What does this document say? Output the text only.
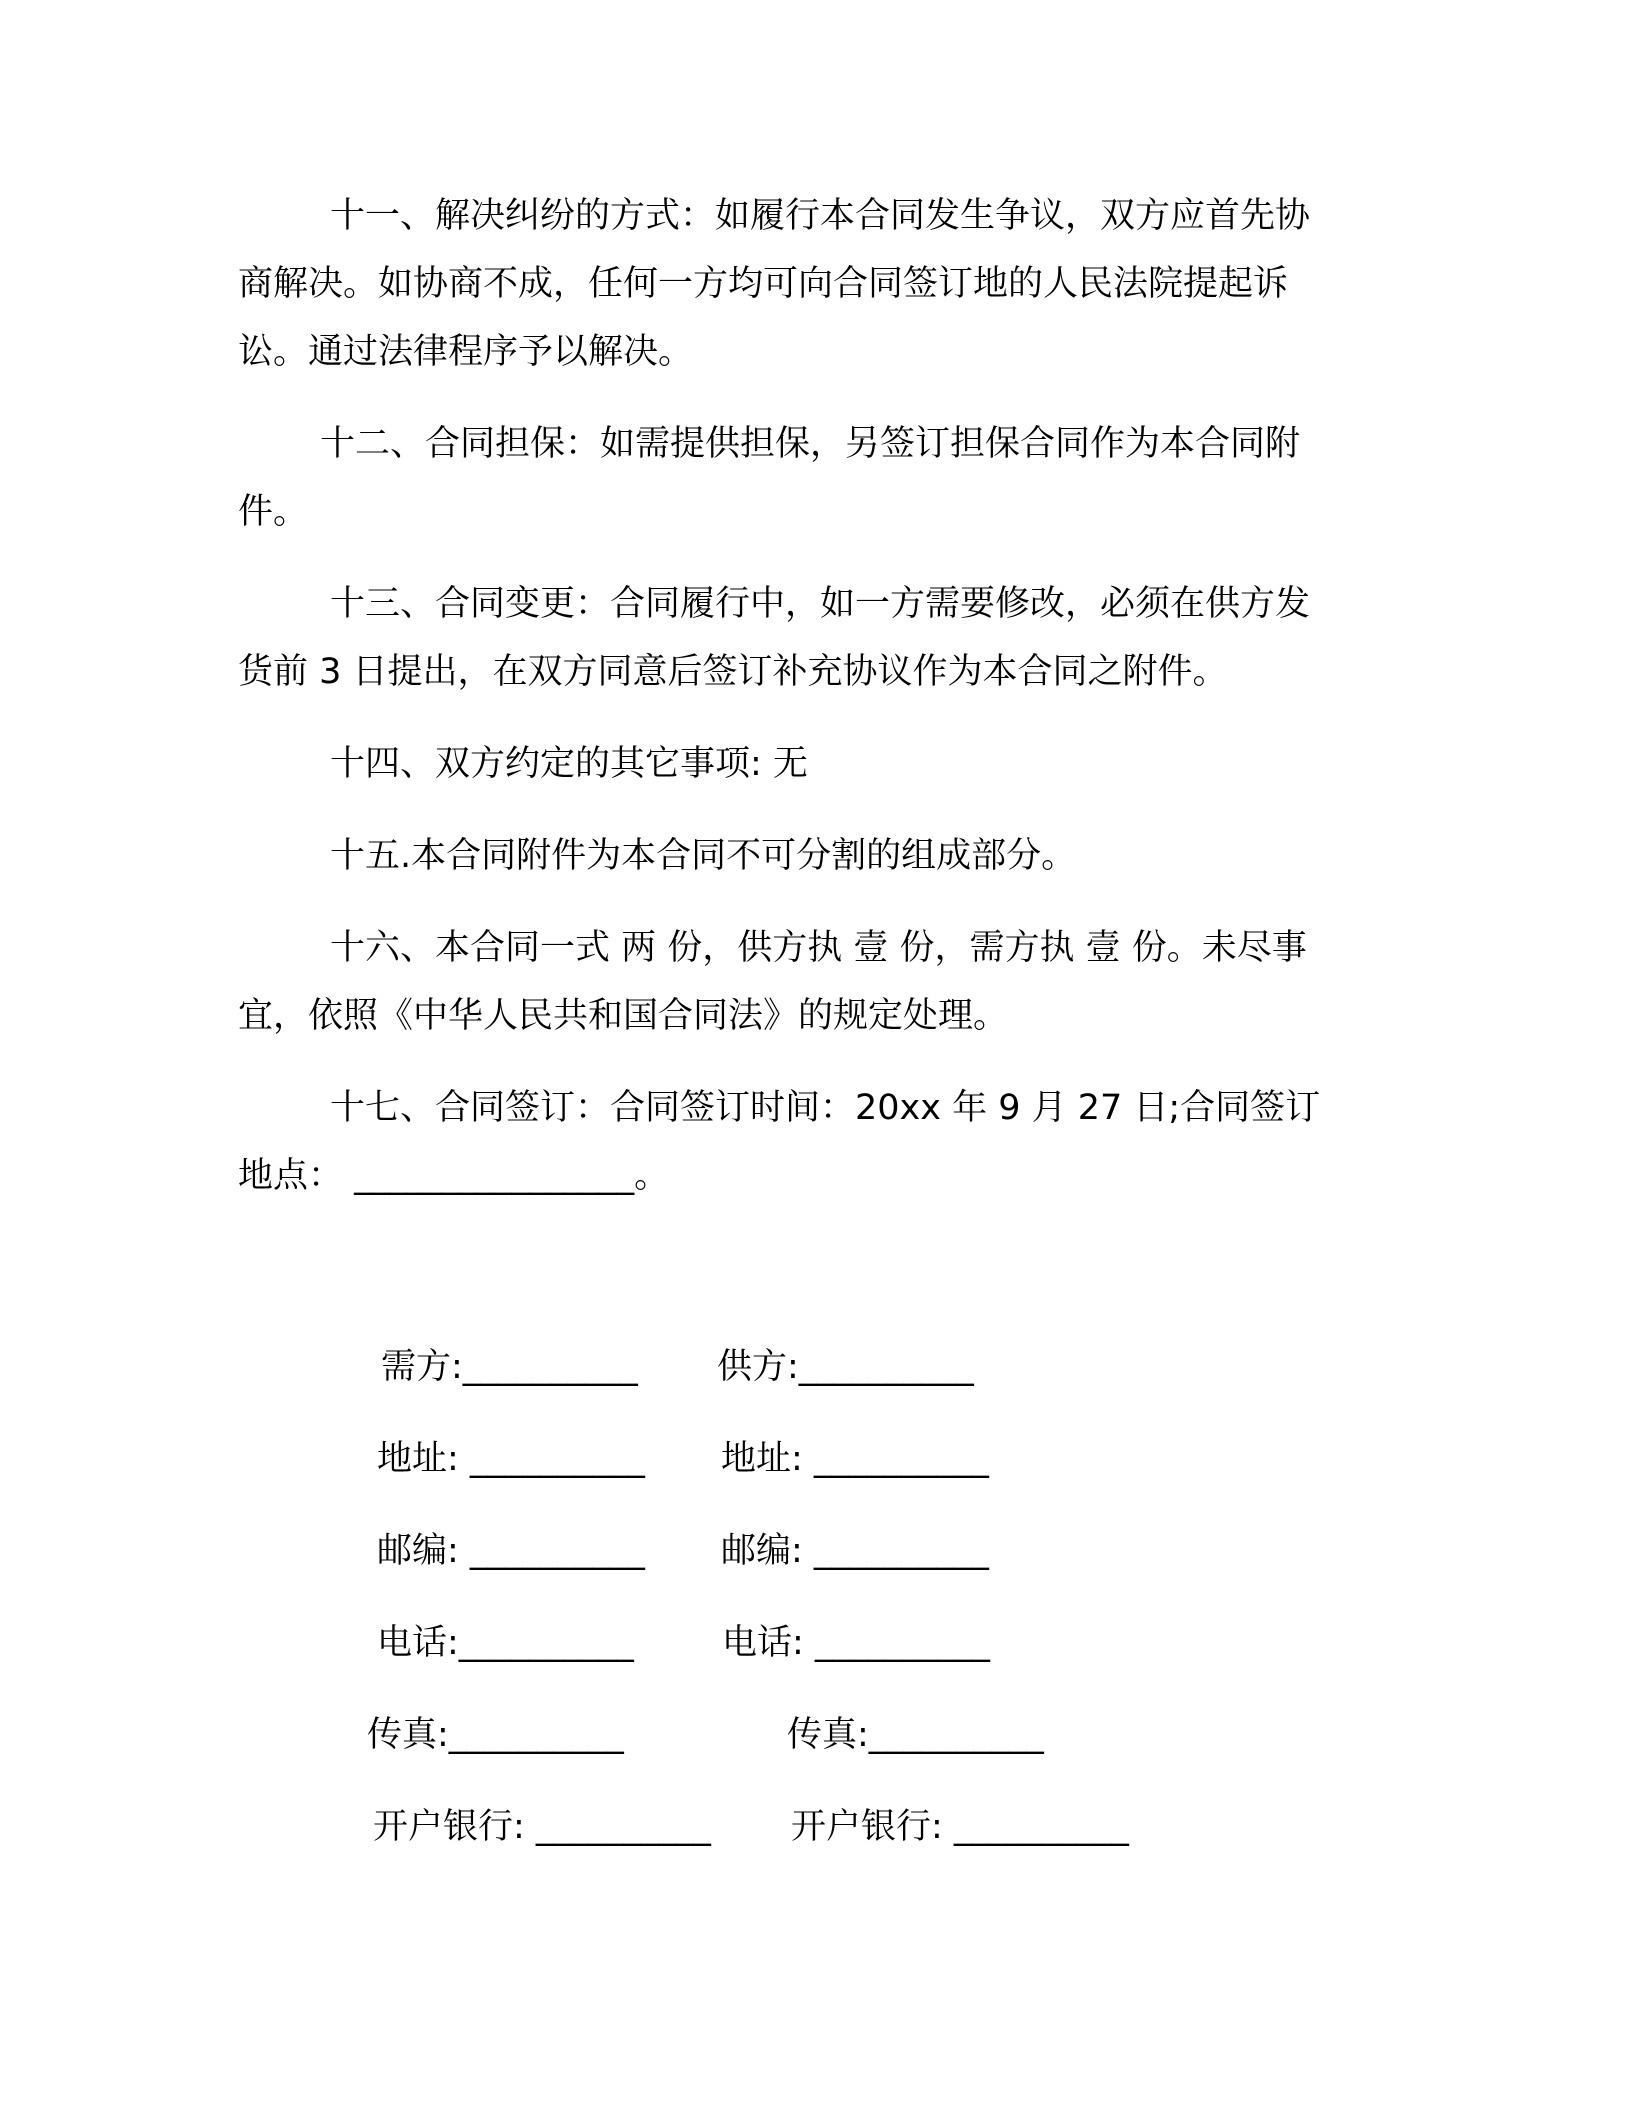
十一、解决纠纷的方式：如履行本合同发生争议，双方应首先协
商解决。如协商不成，任何一方均可向合同签订地的人民法院提起诉
讼。通过法律程序予以解决。
十二、合同担保：如需提供担保，另签订担保合同作为本合同附
件。
十三、合同变更：合同履行中，如一方需要修改，必须在供方发
货前 3 日提出，在双方同意后签订补充协议作为本合同之附件。
十四、双方约定的其它事项: 无
十五.本合同附件为本合同不可分割的组成部分。
十六、本合同一式 两 份，供方执 壹 份，需方执 壹 份。未尽事
宜，依照《中华人民共和国合同法》的规定处理。
十七、合同签订：合同签订时间：20xx 年 9 月 27 日;合同签订
地点： ________________。
需方:__________ 供方:__________
地址: __________ 地址: __________
邮编: __________ 邮编: __________
电话:__________	电话: __________
传真:__________	传真:__________
开户银行: __________ 开户银行: __________
